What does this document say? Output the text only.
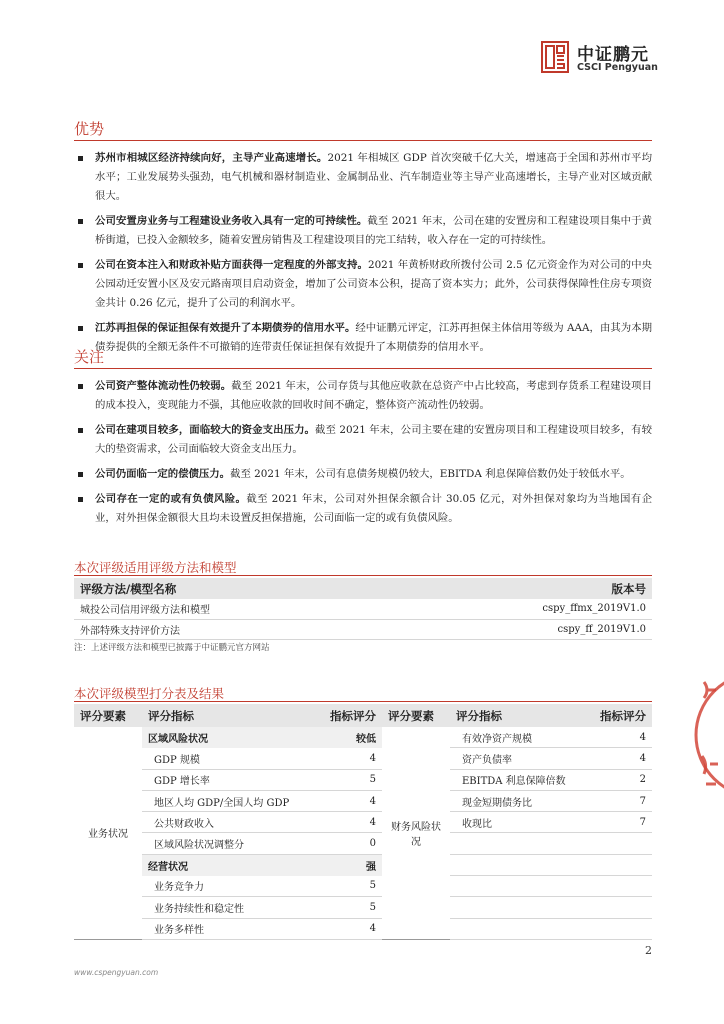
中证鹏元
CSCI Pengyuan
优势
苏州市相城区经济持续向好，主导产业高速增长。2021 年相城区 GDP 首次突破千亿大关，增速高于全国和苏州市平均水平；工业发展势头强劲，电气机械和器材制造业、金属制品业、汽车制造业等主导产业高速增长，主导产业对区域贡献很大。
公司安置房业务与工程建设业务收入具有一定的可持续性。截至 2021 年末，公司在建的安置房和工程建设项目集中于黄桥街道，已投入金额较多，随着安置房销售及工程建设项目的完工结转，收入存在一定的可持续性。
公司在资本注入和财政补贴方面获得一定程度的外部支持。2021 年黄桥财政所拨付公司 2.5 亿元资金作为对公司的中央公园动迁安置小区及安元路南项目启动资金，增加了公司资本公积，提高了资本实力；此外，公司获得保障性住房专项资金共计 0.26 亿元，提升了公司的利润水平。
江苏再担保的保证担保有效提升了本期债券的信用水平。经中证鹏元评定，江苏再担保主体信用等级为 AAA，由其为本期债券提供的全额无条件不可撤销的连带责任保证担保有效提升了本期债券的信用水平。
关注
公司资产整体流动性仍较弱。截至 2021 年末，公司存货与其他应收款在总资产中占比较高，考虑到存货系工程建设项目的成本投入，变现能力不强，其他应收款的回收时间不确定，整体资产流动性仍较弱。
公司在建项目较多，面临较大的资金支出压力。截至 2021 年末，公司主要在建的安置房项目和工程建设项目较多，有较大的垫资需求，公司面临较大资金支出压力。
公司仍面临一定的偿债压力。截至 2021 年末，公司有息债务规模仍较大，EBITDA 利息保障倍数仍处于较低水平。
公司存在一定的或有负债风险。截至 2021 年末，公司对外担保余额合计 30.05 亿元，对外担保对象均为当地国有企业，对外担保金额很大且均未设置反担保措施，公司面临一定的或有负债风险。
本次评级适用评级方法和模型
评级方法/模型名称	版本号
城投公司信用评级方法和模型	cspy_ffmx_2019V1.0
外部特殊支持评价方法	cspy_ff_2019V1.0
注：上述评级方法和模型已披露于中证鹏元官方网站
本次评级模型打分表及结果
评分要素	评分指标	指标评分	评分要素	评分指标	指标评分
业务状况	区域风险状况	较低	财务风险状况	有效净资产规模	4
	GDP 规模	4		资产负债率	4
	GDP 增长率	5		EBITDA 利息保障倍数	2
	地区人均 GDP/全国人均 GDP	4		现金短期债务比	7
	公共财政收入	4		收现比	7
	区域风险状况调整分	0			
	经营状况	强			
	业务竞争力	5			
	业务持续性和稳定性	5			
	业务多样性	4			
2
www.cspengyuan.com
